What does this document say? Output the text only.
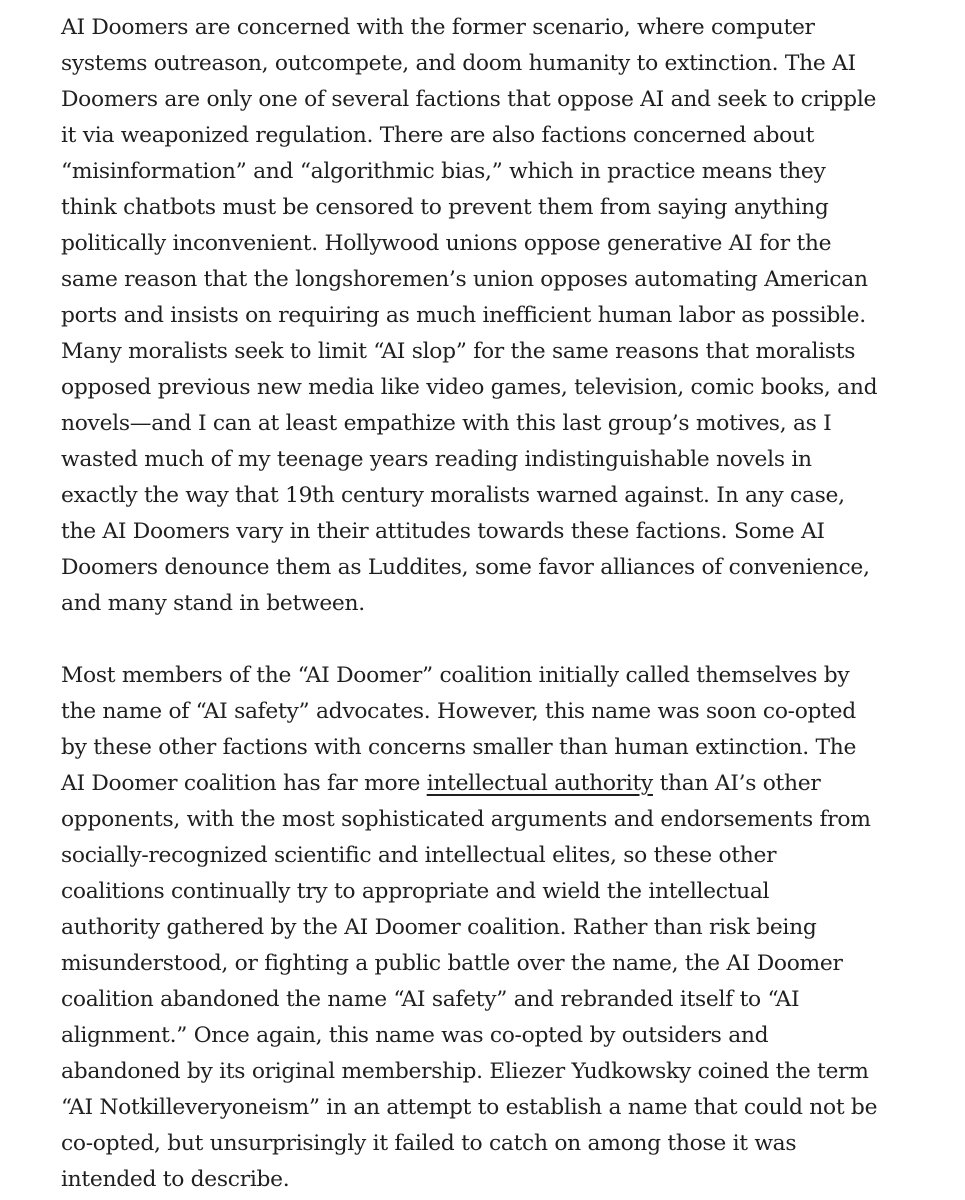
AI Doomers are concerned with the former scenario, where computer
systems outreason, outcompete, and doom humanity to extinction. The AI
Doomers are only one of several factions that oppose AI and seek to cripple
it via weaponized regulation. There are also factions concerned about
“misinformation” and “algorithmic bias,” which in practice means they
think chatbots must be censored to prevent them from saying anything
politically inconvenient. Hollywood unions oppose generative AI for the
same reason that the longshoremen’s union opposes automating American
ports and insists on requiring as much inefficient human labor as possible.
Many moralists seek to limit “AI slop” for the same reasons that moralists
opposed previous new media like video games, television, comic books, and
novels—and I can at least empathize with this last group’s motives, as I
wasted much of my teenage years reading indistinguishable novels in
exactly the way that 19th century moralists warned against. In any case,
the AI Doomers vary in their attitudes towards these factions. Some AI
Doomers denounce them as Luddites, some favor alliances of convenience,
and many stand in between.

Most members of the “AI Doomer” coalition initially called themselves by
the name of “AI safety” advocates. However, this name was soon co-opted
by these other factions with concerns smaller than human extinction. The
AI Doomer coalition has far more intellectual authority than AI’s other
opponents, with the most sophisticated arguments and endorsements from
socially-recognized scientific and intellectual elites, so these other
coalitions continually try to appropriate and wield the intellectual
authority gathered by the AI Doomer coalition. Rather than risk being
misunderstood, or fighting a public battle over the name, the AI Doomer
coalition abandoned the name “AI safety” and rebranded itself to “AI
alignment.” Once again, this name was co-opted by outsiders and
abandoned by its original membership. Eliezer Yudkowsky coined the term
“AI Notkilleveryoneism” in an attempt to establish a name that could not be
co-opted, but unsurprisingly it failed to catch on among those it was
intended to describe.
